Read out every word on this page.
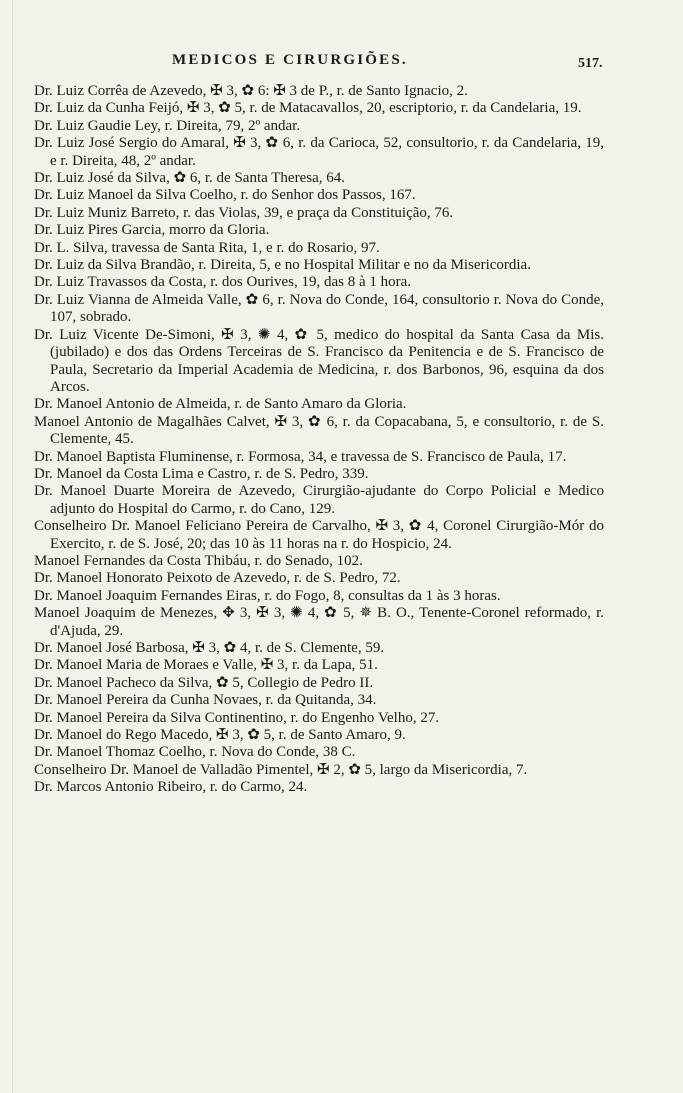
MEDICOS E CIRURGIÕES.	517.

Dr. Luiz Corrêa de Azevedo, ✠ 3, ✿ 6: ✠ 3 de P., r. de Santo Ignacio, 2.

Dr. Luiz da Cunha Feijó, ✠ 3, ✿ 5, r. de Matacavallos, 20, escriptorio, r. da Candelaria, 19.

Dr. Luiz Gaudie Ley, r. Direita, 79, 2º andar.

Dr. Luiz José Sergio do Amaral, ✠ 3, ✿ 6, r. da Carioca, 52, consultorio, r. da Candelaria, 19, e r. Direita, 48, 2º andar.

Dr. Luiz José da Silva, ✿ 6, r. de Santa Theresa, 64.

Dr. Luiz Manoel da Silva Coelho, r. do Senhor dos Passos, 167.

Dr. Luiz Muniz Barreto, r. das Violas, 39, e praça da Constituição, 76.

Dr. Luiz Pires Garcia, morro da Gloria.

Dr. L. Silva, travessa de Santa Rita, 1, e r. do Rosario, 97.

Dr. Luiz da Silva Brandão, r. Direita, 5, e no Hospital Militar e no da Misericordia.

Dr. Luiz Travassos da Costa, r. dos Ourives, 19, das 8 à 1 hora.

Dr. Luiz Vianna de Almeida Valle, ✿ 6, r. Nova do Conde, 164, consultorio r. Nova do Conde, 107, sobrado.

Dr. Luiz Vicente De-Simoni, ✠ 3, ✺ 4, ✿ 5, medico do hospital da Santa Casa da Mis. (jubilado) e dos das Ordens Terceiras de S. Francisco da Penitencia e de S. Francisco de Paula, Secretario da Imperial Academia de Medicina, r. dos Barbonos, 96, esquina da dos Arcos.

Dr. Manoel Antonio de Almeida, r. de Santo Amaro da Gloria.

Manoel Antonio de Magalhães Calvet, ✠ 3, ✿ 6, r. da Copacabana, 5, e consultorio, r. de S. Clemente, 45.

Dr. Manoel Baptista Fluminense, r. Formosa, 34, e travessa de S. Francisco de Paula, 17.

Dr. Manoel da Costa Lima e Castro, r. de S. Pedro, 339.

Dr. Manoel Duarte Moreira de Azevedo, Cirurgião-ajudante do Corpo Policial e Medico adjunto do Hospital do Carmo, r. do Cano, 129.

Conselheiro Dr. Manoel Feliciano Pereira de Carvalho, ✠ 3, ✿ 4, Coronel Cirurgião-Mór do Exercito, r. de S. José, 20; das 10 às 11 horas na r. do Hospicio, 24.

Manoel Fernandes da Costa Thibáu, r. do Senado, 102.

Dr. Manoel Honorato Peixoto de Azevedo, r. de S. Pedro, 72.

Dr. Manoel Joaquim Fernandes Eiras, r. do Fogo, 8, consultas da 1 às 3 horas.

Manoel Joaquim de Menezes, ✥ 3, ✠ 3, ✺ 4, ✿ 5, ✵ B. O., Tenente-Coronel reformado, r. d'Ajuda, 29.

Dr. Manoel José Barbosa, ✠ 3, ✿ 4, r. de S. Clemente, 59.

Dr. Manoel Maria de Moraes e Valle, ✠ 3, r. da Lapa, 51.

Dr. Manoel Pacheco da Silva, ✿ 5, Collegio de Pedro II.

Dr. Manoel Pereira da Cunha Novaes, r. da Quitanda, 34.

Dr. Manoel Pereira da Silva Continentino, r. do Engenho Velho, 27.

Dr. Manoel do Rego Macedo, ✠ 3, ✿ 5, r. de Santo Amaro, 9.

Dr. Manoel Thomaz Coelho, r. Nova do Conde, 38 C.

Conselheiro Dr. Manoel de Valladão Pimentel, ✠ 2, ✿ 5, largo da Misericordia, 7.

Dr. Marcos Antonio Ribeiro, r. do Carmo, 24.
